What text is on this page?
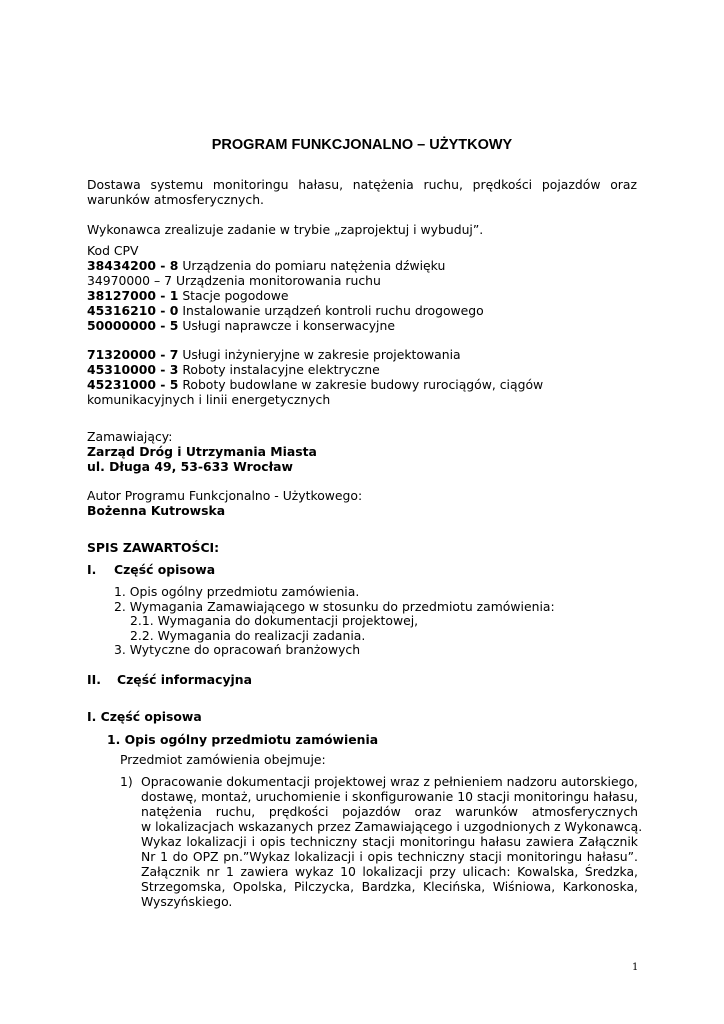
PROGRAM FUNKCJONALNO – UŻYTKOWY
Dostawa systemu monitoringu hałasu, natężenia ruchu, prędkości pojazdów oraz
warunków atmosferycznych.
Wykonawca zrealizuje zadanie w trybie „zaprojektuj i wybuduj”.
Kod CPV
38434200 - 8 Urządzenia do pomiaru natężenia dźwięku
34970000 – 7 Urządzenia monitorowania ruchu
38127000 - 1 Stacje pogodowe
45316210 - 0 Instalowanie urządzeń kontroli ruchu drogowego
50000000 - 5 Usługi naprawcze i konserwacyjne
71320000 - 7 Usługi inżynieryjne w zakresie projektowania
45310000 - 3 Roboty instalacyjne elektryczne
45231000 - 5 Roboty budowlane w zakresie budowy rurociągów, ciągów
komunikacyjnych i linii energetycznych
Zamawiający:
Zarząd Dróg i Utrzymania Miasta
ul. Długa 49, 53-633 Wrocław
Autor Programu Funkcjonalno - Użytkowego:
Bożenna Kutrowska
SPIS ZAWARTOŚCI:
I. Część opisowa
1. Opis ogólny przedmiotu zamówienia.
2. Wymagania Zamawiającego w stosunku do przedmiotu zamówienia:
2.1. Wymagania do dokumentacji projektowej,
2.2. Wymagania do realizacji zadania.
3. Wytyczne do opracowań branżowych
II. Część informacyjna
I. Część opisowa
1. Opis ogólny przedmiotu zamówienia
Przedmiot zamówienia obejmuje:
1) Opracowanie dokumentacji projektowej wraz z pełnieniem nadzoru autorskiego,
dostawę, montaż, uruchomienie i skonfigurowanie 10 stacji monitoringu hałasu,
natężenia ruchu, prędkości pojazdów oraz warunków atmosferycznych
w lokalizacjach wskazanych przez Zamawiającego i uzgodnionych z Wykonawcą.
Wykaz lokalizacji i opis techniczny stacji monitoringu hałasu zawiera Załącznik
Nr 1 do OPZ pn.”Wykaz lokalizacji i opis techniczny stacji monitoringu hałasu”.
Załącznik nr 1 zawiera wykaz 10 lokalizacji przy ulicach: Kowalska, Średzka,
Strzegomska, Opolska, Pilczycka, Bardzka, Klecińska, Wiśniowa, Karkonoska,
Wyszyńskiego.
1
